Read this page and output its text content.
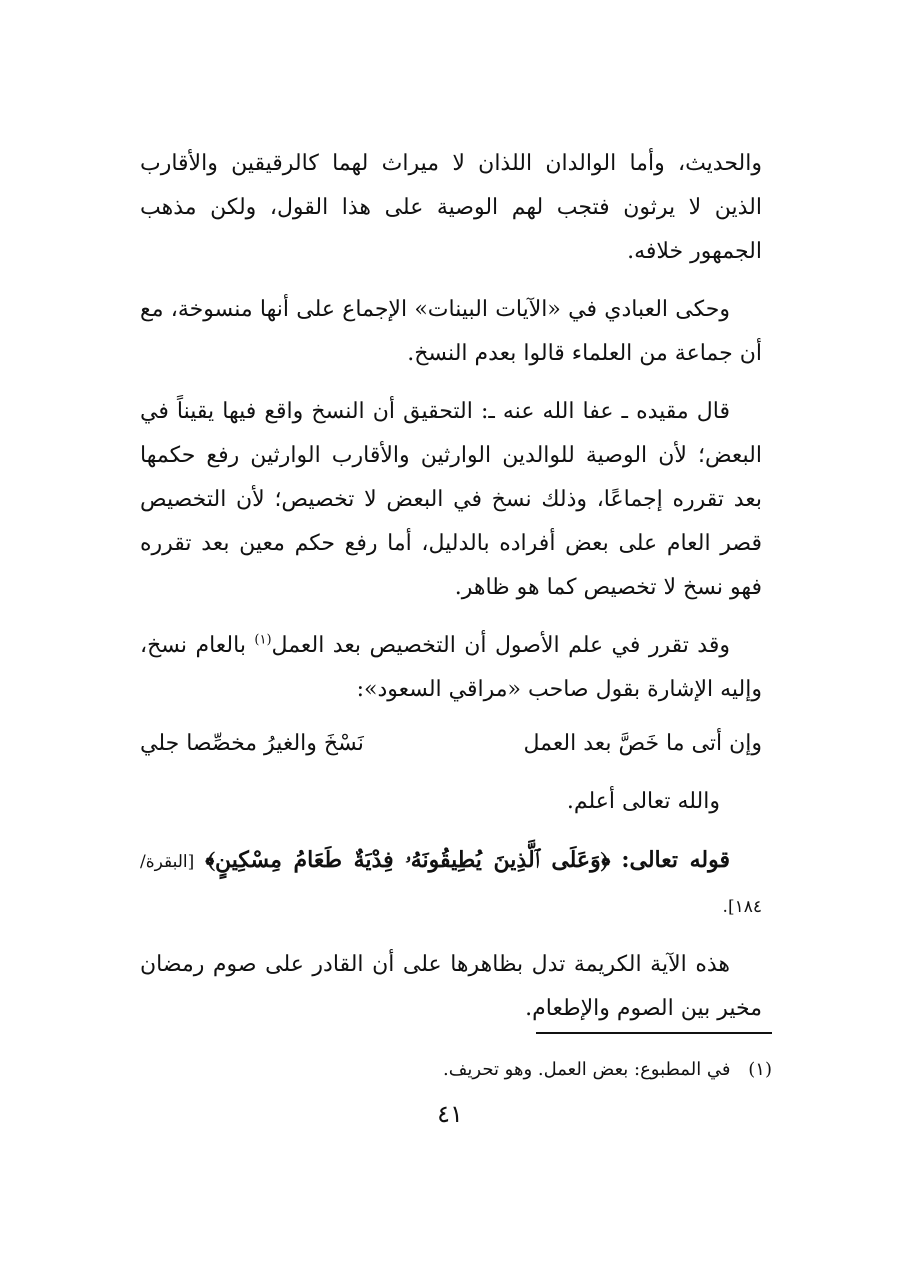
والحديث، وأما الوالدان اللذان لا ميراث لهما كالرقيقين والأقارب الذين لا يرثون فتجب لهم الوصية على هذا القول، ولكن مذهب الجمهور خلافه.

وحكى العبادي في «الآيات البينات» الإجماع على أنها منسوخة، مع أن جماعة من العلماء قالوا بعدم النسخ.

قال مقيده ـ عفا الله عنه ـ: التحقيق أن النسخ واقع فيها يقيناً في البعض؛ لأن الوصية للوالدين الوارثين والأقارب الوارثين رفع حكمها بعد تقرره إجماعًا، وذلك نسخ في البعض لا تخصيص؛ لأن التخصيص قصر العام على بعض أفراده بالدليل، أما رفع حكم معين بعد تقرره فهو نسخ لا تخصيص كما هو ظاهر.

وقد تقرر في علم الأصول أن التخصيص بعد العمل$^{(١)}$ بالعام نسخ، وإليه الإشارة بقول صاحب «مراقي السعود»:

وإن أتى ما خَصَّ بعد العمل
نَسْخَ والغيرُ مخصِّصا جلي
والله تعالى أعلم.

قوله تعالى: ﴿وَعَلَى ٱلَّذِينَ يُطِيقُونَهُۥ فِدْيَةٌ طَعَامُ مِسْكِينٍ﴾ [البقرة/ ١٨٤].

هذه الآية الكريمة تدل بظاهرها على أن القادر على صوم رمضان مخير بين الصوم والإطعام.

(١) في المطبوع: بعض العمل. وهو تحريف.
٤١
